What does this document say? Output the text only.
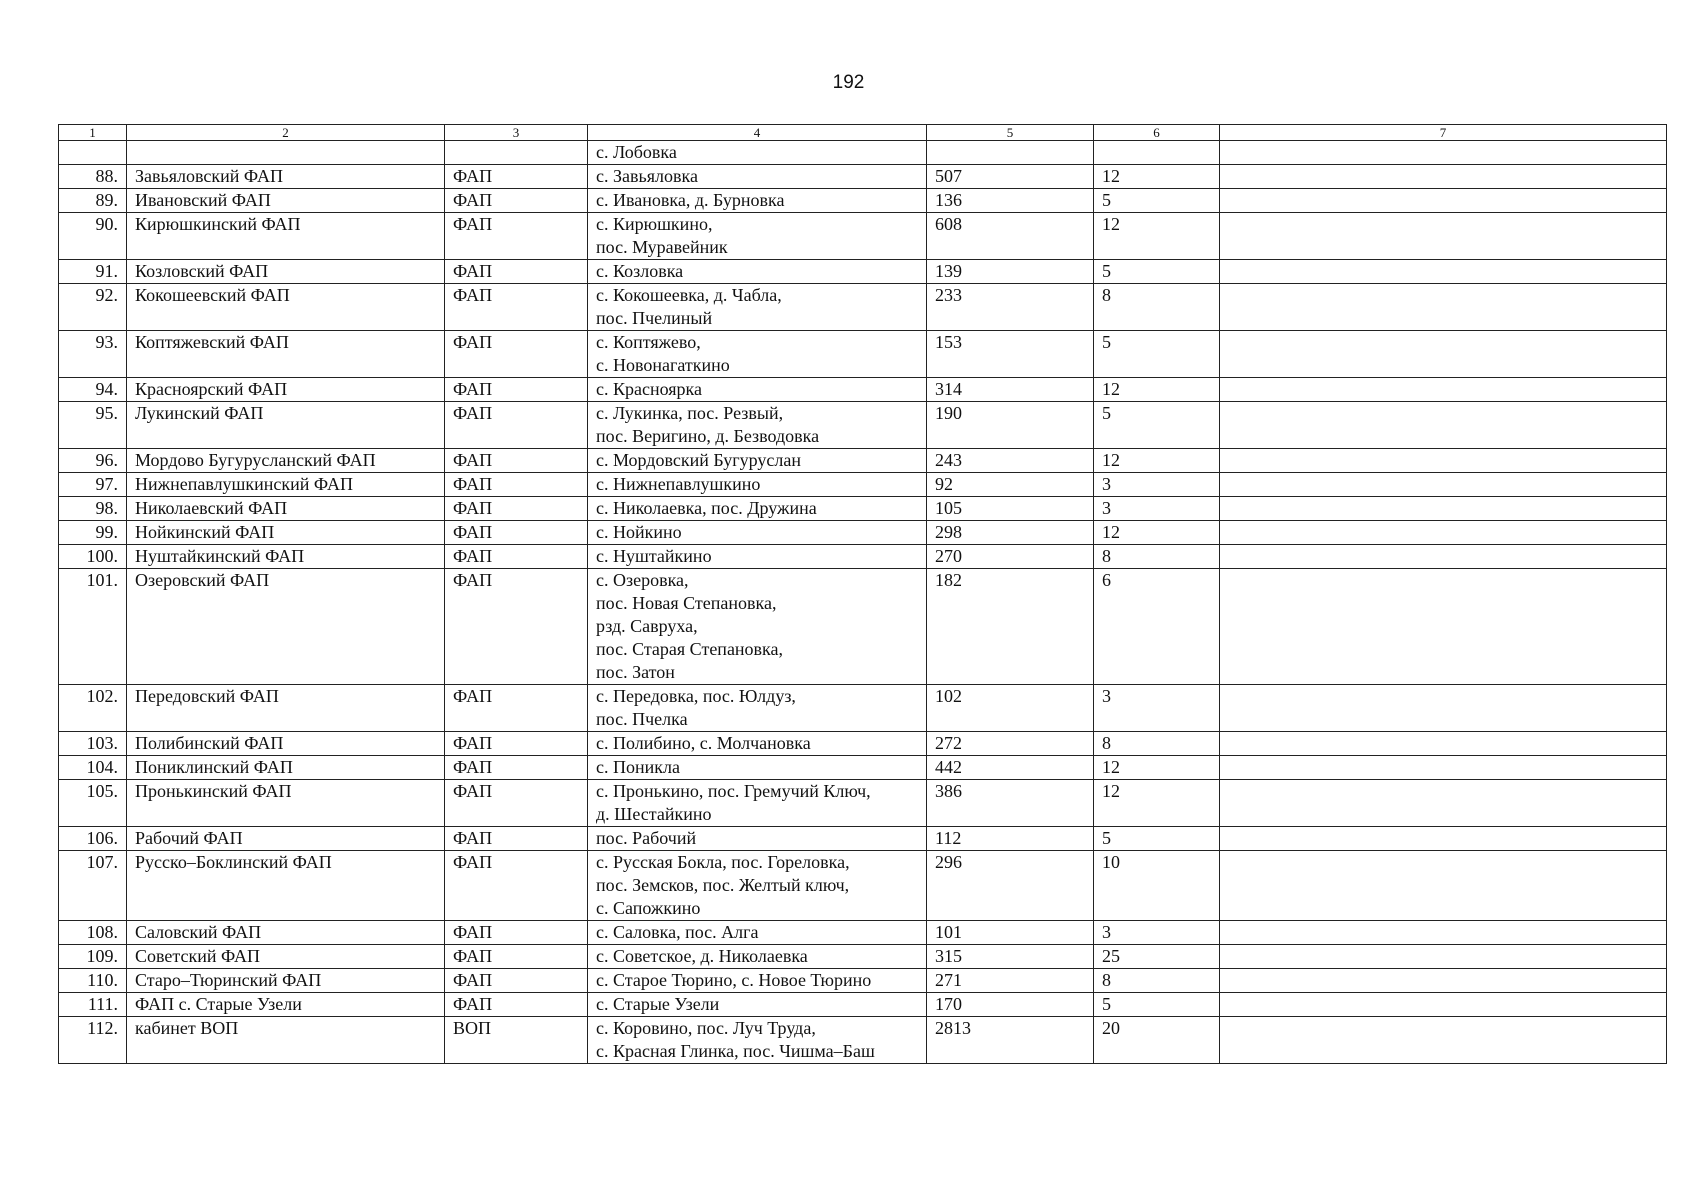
192
1	2	3	4	5	6	7

			с. Лобовка			

88.	Завьяловский ФАП	ФАП	с. Завьяловка	507	12	
89.	Ивановский ФАП	ФАП	с. Ивановка, д. Бурновка	136	5	
90.	Кирюшкинский ФАП	ФАП	с. Кирюшкино,
пос. Муравейник	608	12	
91.	Козловский ФАП	ФАП	с. Козловка	139	5	
92.	Кокошеевский ФАП	ФАП	с. Кокошеевка, д. Чабла,
пос. Пчелиный	233	8	
93.	Коптяжевский ФАП	ФАП	с. Коптяжево,
с. Новонагаткино	153	5	
94.	Красноярский ФАП	ФАП	с. Красноярка	314	12	
95.	Лукинский ФАП	ФАП	с. Лукинка, пос. Резвый,
пос. Веригино, д. Безводовка	190	5	
96.	Мордово Бугурусланский ФАП	ФАП	с. Мордовский Бугуруслан	243	12	
97.	Нижнепавлушкинский ФАП	ФАП	с. Нижнепавлушкино	92	3	
98.	Николаевский ФАП	ФАП	с. Николаевка, пос. Дружина	105	3	
99.	Нойкинский ФАП	ФАП	с. Нойкино	298	12	
100.	Нуштайкинский ФАП	ФАП	с. Нуштайкино	270	8	
101.	Озеровский ФАП	ФАП	с. Озеровка,
пос. Новая Степановка,
рзд. Савруха,
пос. Старая Степановка,
пос. Затон	182	6	
102.	Передовский ФАП	ФАП	с. Передовка, пос. Юлдуз,
пос. Пчелка	102	3	
103.	Полибинский ФАП	ФАП	с. Полибино, с. Молчановка	272	8	
104.	Пониклинский ФАП	ФАП	с. Поникла	442	12	
105.	Пронькинский ФАП	ФАП	с. Пронькино, пос. Гремучий Ключ,
д. Шестайкино	386	12	
106.	Рабочий ФАП	ФАП	пос. Рабочий	112	5	
107.	Русско–Боклинский ФАП	ФАП	с. Русская Бокла, пос. Гореловка,
пос. Земсков, пос. Желтый ключ,
с. Сапожкино	296	10	
108.	Саловский ФАП	ФАП	с. Саловка, пос. Алга	101	3	
109.	Советский ФАП	ФАП	с. Советское, д. Николаевка	315	25	
110.	Старо–Тюринский ФАП	ФАП	с. Старое Тюрино, с. Новое Тюрино	271	8	
111.	ФАП с. Старые Узели	ФАП	с. Старые Узели	170	5	
112.	кабинет ВОП	ВОП	с. Коровино, пос. Луч Труда,
с. Красная Глинка, пос. Чишма–Баш	2813	20	
